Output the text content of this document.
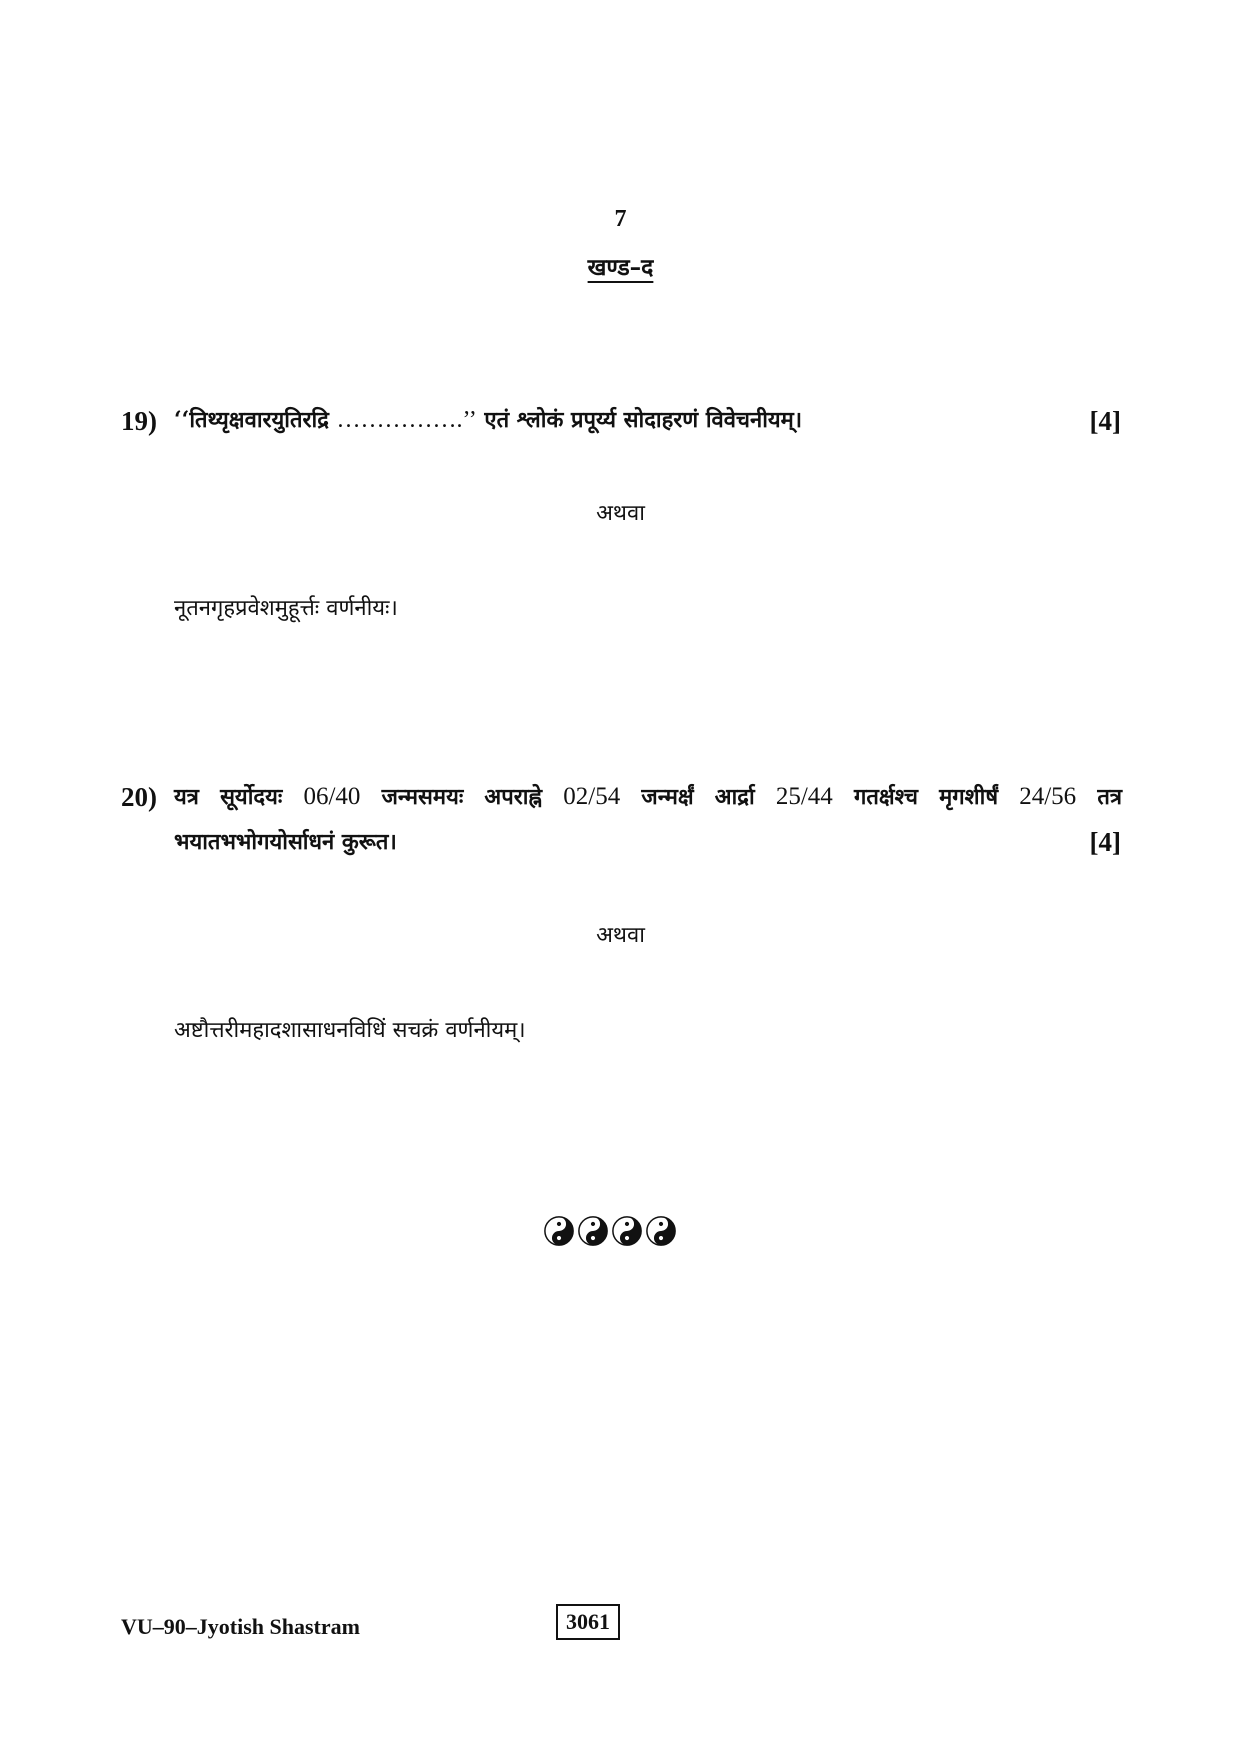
7
खण्ड–द
19) ‘‘तिथ्यृक्षवारयुतिरद्रि …………….’’ एतं श्लोकं प्रपूर्य्य सोदाहरणं विवेचनीयम्।	[4]
अथवा
नूतनगृहप्रवेशमुहूर्त्तः वर्णनीयः।
20) यत्र सूर्योदयः 06/40 जन्मसमयः अपराह्ने 02/54 जन्मर्क्षं आर्द्रा 25/44 गतर्क्षश्च मृगशीर्षं 24/56 तत्र भयातभभोगयोर्साधनं कुरूत।	[4]
अथवा
अष्टौत्तरीमहादशासाधनविधिं सचक्रं वर्णनीयम्।
VU–90–Jyotish Shastram	3061
